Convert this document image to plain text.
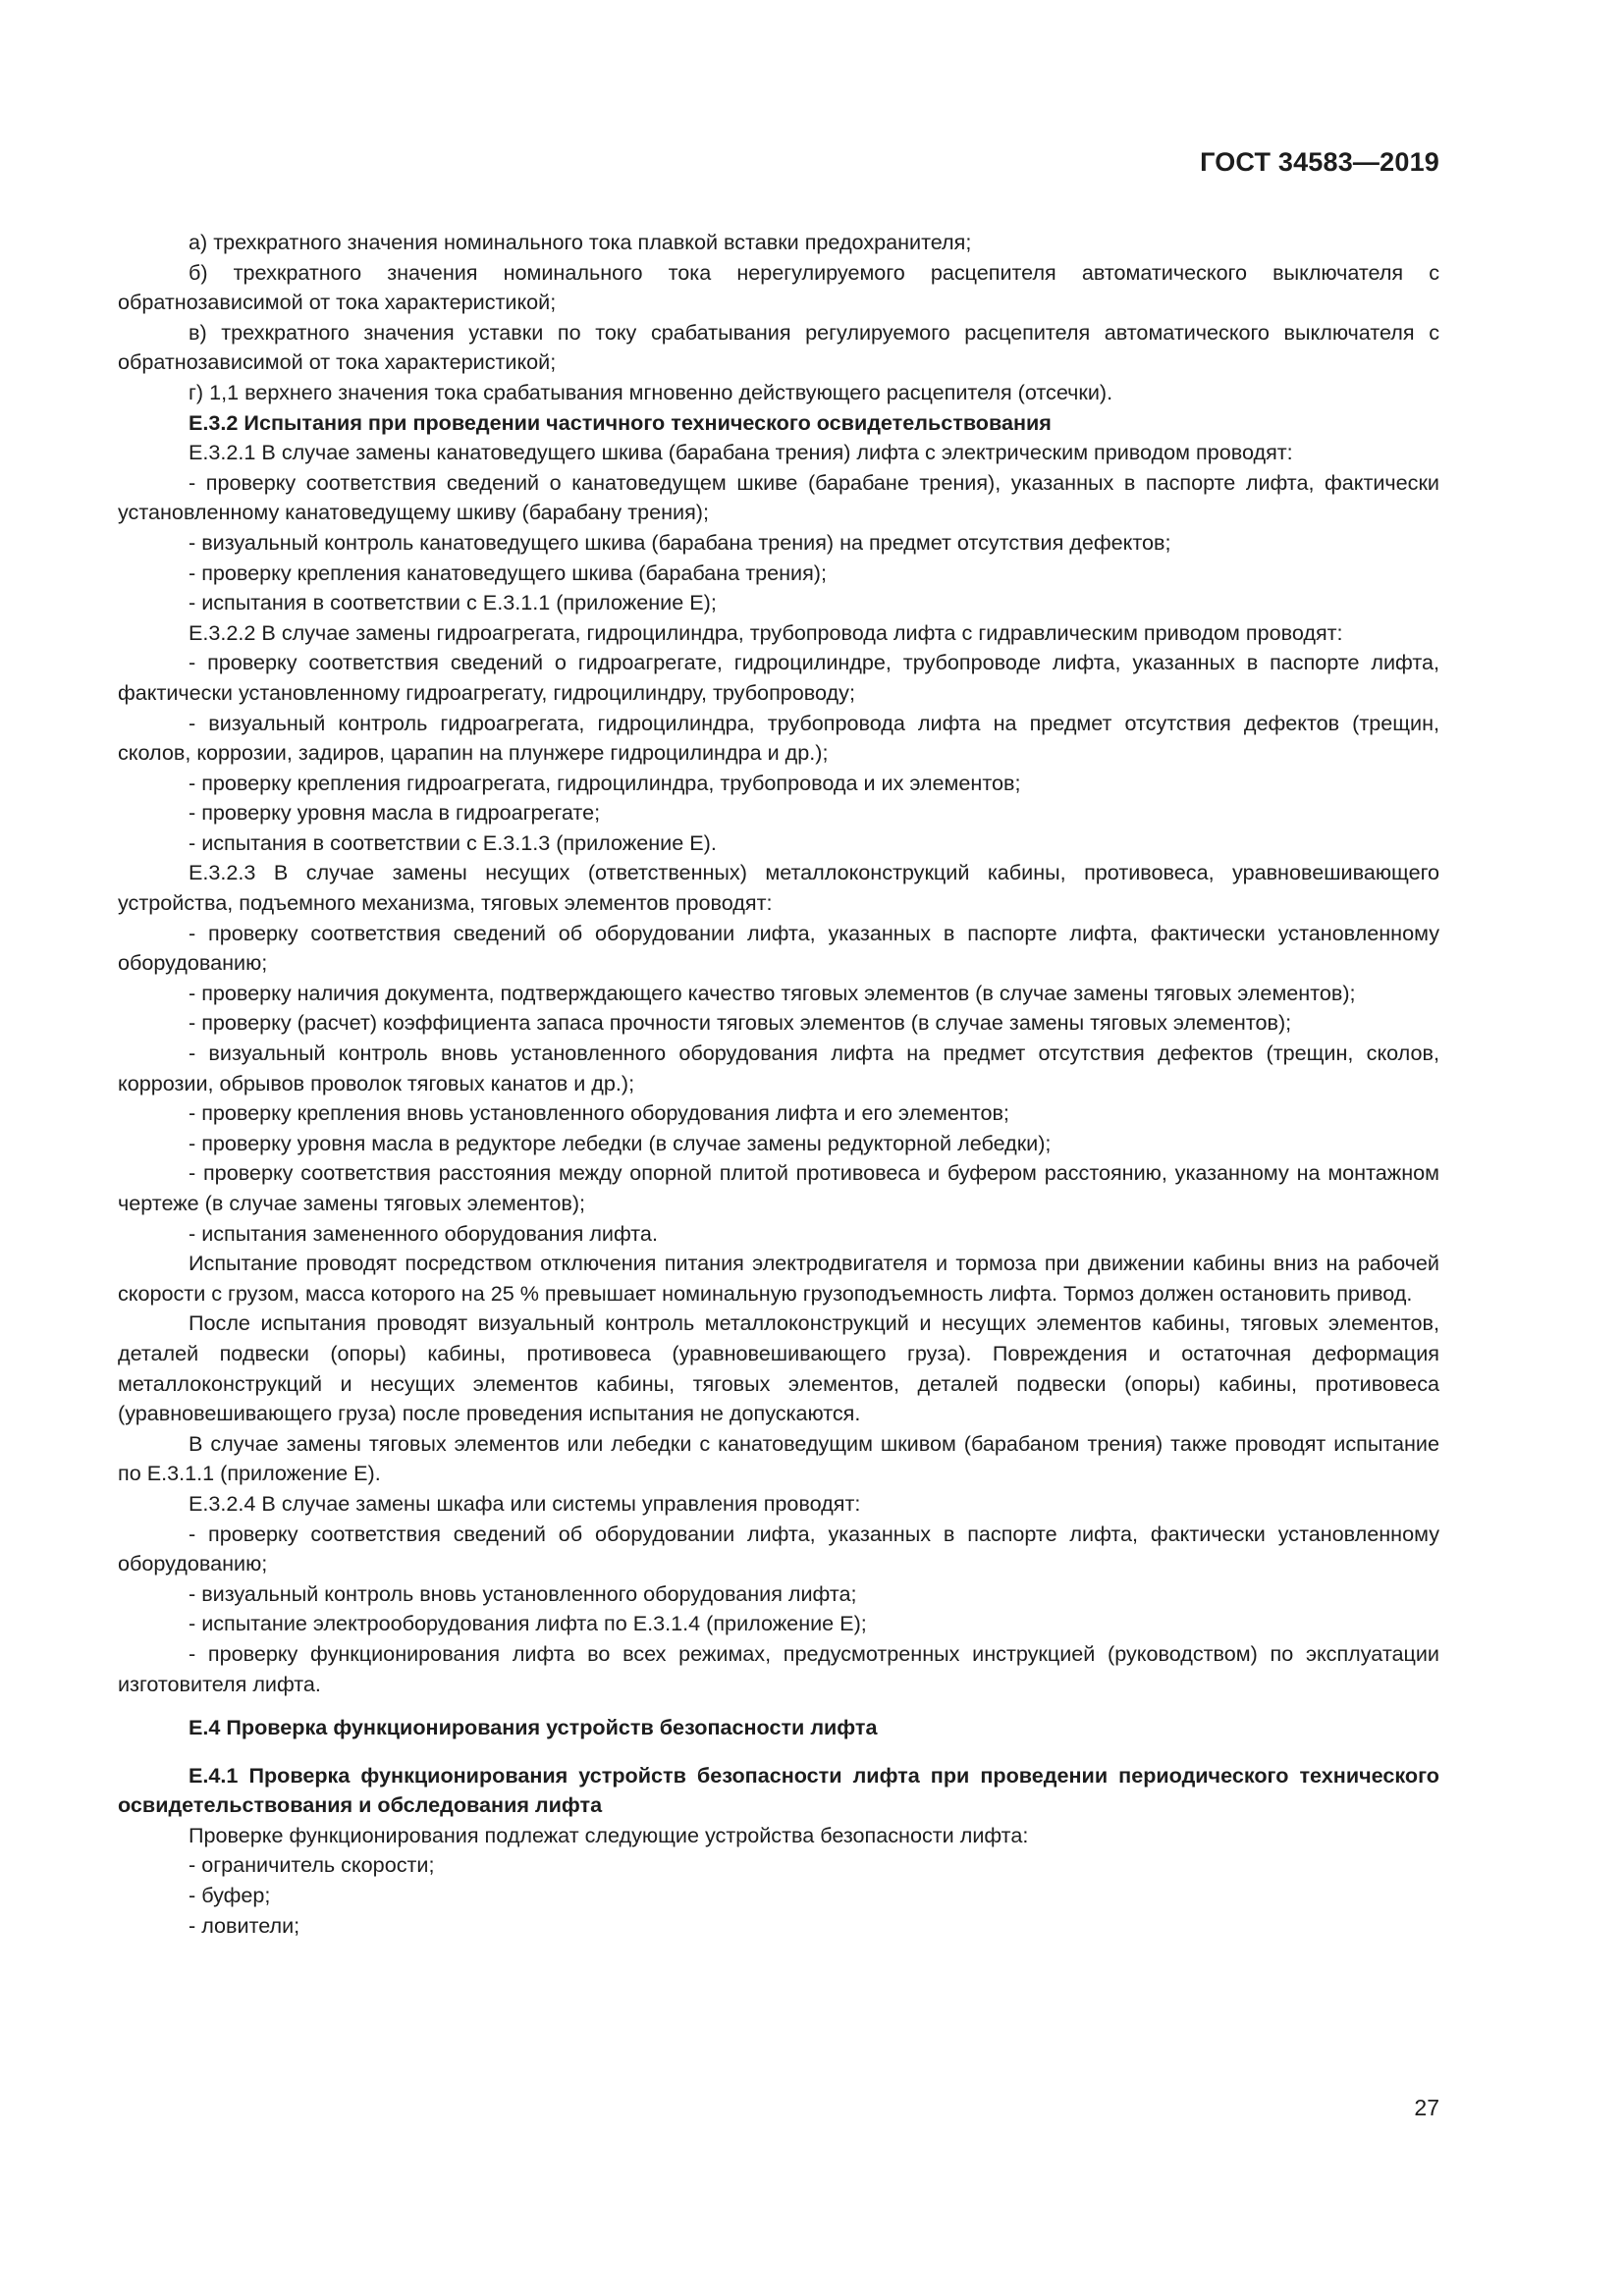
ГОСТ 34583—2019

а) трехкратного значения номинального тока плавкой вставки предохранителя;

б) трехкратного значения номинального тока нерегулируемого расцепителя автоматического выключателя с обратнозависимой от тока характеристикой;

в) трехкратного значения уставки по току срабатывания регулируемого расцепителя автоматического выключателя с обратнозависимой от тока характеристикой;

г) 1,1 верхнего значения тока срабатывания мгновенно действующего расцепителя (отсечки).

Е.3.2 Испытания при проведении частичного технического освидетельствования

Е.3.2.1 В случае замены канатоведущего шкива (барабана трения) лифта с электрическим приводом проводят:

- проверку соответствия сведений о канатоведущем шкиве (барабане трения), указанных в паспорте лифта, фактически установленному канатоведущему шкиву (барабану трения);

- визуальный контроль канатоведущего шкива (барабана трения) на предмет отсутствия дефектов;

- проверку крепления канатоведущего шкива (барабана трения);

- испытания в соответствии с Е.3.1.1 (приложение Е);

Е.3.2.2 В случае замены гидроагрегата, гидроцилиндра, трубопровода лифта с гидравлическим приводом проводят:

- проверку соответствия сведений о гидроагрегате, гидроцилиндре, трубопроводе лифта, указанных в паспорте лифта, фактически установленному гидроагрегату, гидроцилиндру, трубопроводу;

- визуальный контроль гидроагрегата, гидроцилиндра, трубопровода лифта на предмет отсутствия дефектов (трещин, сколов, коррозии, задиров, царапин на плунжере гидроцилиндра и др.);

- проверку крепления гидроагрегата, гидроцилиндра, трубопровода и их элементов;

- проверку уровня масла в гидроагрегате;

- испытания в соответствии с Е.3.1.3 (приложение Е).

Е.3.2.3 В случае замены несущих (ответственных) металлоконструкций кабины, противовеса, уравновешивающего устройства, подъемного механизма, тяговых элементов проводят:

- проверку соответствия сведений об оборудовании лифта, указанных в паспорте лифта, фактически установленному оборудованию;

- проверку наличия документа, подтверждающего качество тяговых элементов (в случае замены тяговых элементов);

- проверку (расчет) коэффициента запаса прочности тяговых элементов (в случае замены тяговых элементов);

- визуальный контроль вновь установленного оборудования лифта на предмет отсутствия дефектов (трещин, сколов, коррозии, обрывов проволок тяговых канатов и др.);

- проверку крепления вновь установленного оборудования лифта и его элементов;

- проверку уровня масла в редукторе лебедки (в случае замены редукторной лебедки);

- проверку соответствия расстояния между опорной плитой противовеса и буфером расстоянию, указанному на монтажном чертеже (в случае замены тяговых элементов);

- испытания замененного оборудования лифта.

Испытание проводят посредством отключения питания электродвигателя и тормоза при движении кабины вниз на рабочей скорости с грузом, масса которого на 25 % превышает номинальную грузоподъемность лифта. Тормоз должен остановить привод.

После испытания проводят визуальный контроль металлоконструкций и несущих элементов кабины, тяговых элементов, деталей подвески (опоры) кабины, противовеса (уравновешивающего груза). Повреждения и остаточная деформация металлоконструкций и несущих элементов кабины, тяговых элементов, деталей подвески (опоры) кабины, противовеса (уравновешивающего груза) после проведения испытания не допускаются.

В случае замены тяговых элементов или лебедки с канатоведущим шкивом (барабаном трения) также проводят испытание по Е.3.1.1 (приложение Е).

Е.3.2.4 В случае замены шкафа или системы управления проводят:

- проверку соответствия сведений об оборудовании лифта, указанных в паспорте лифта, фактически установленному оборудованию;

- визуальный контроль вновь установленного оборудования лифта;

- испытание электрооборудования лифта по Е.3.1.4 (приложение Е);

- проверку функционирования лифта во всех режимах, предусмотренных инструкцией (руководством) по эксплуатации изготовителя лифта.

Е.4 Проверка функционирования устройств безопасности лифта

Е.4.1 Проверка функционирования устройств безопасности лифта при проведении периодического технического освидетельствования и обследования лифта

Проверке функционирования подлежат следующие устройства безопасности лифта:

- ограничитель скорости;

- буфер;

- ловители;

27
